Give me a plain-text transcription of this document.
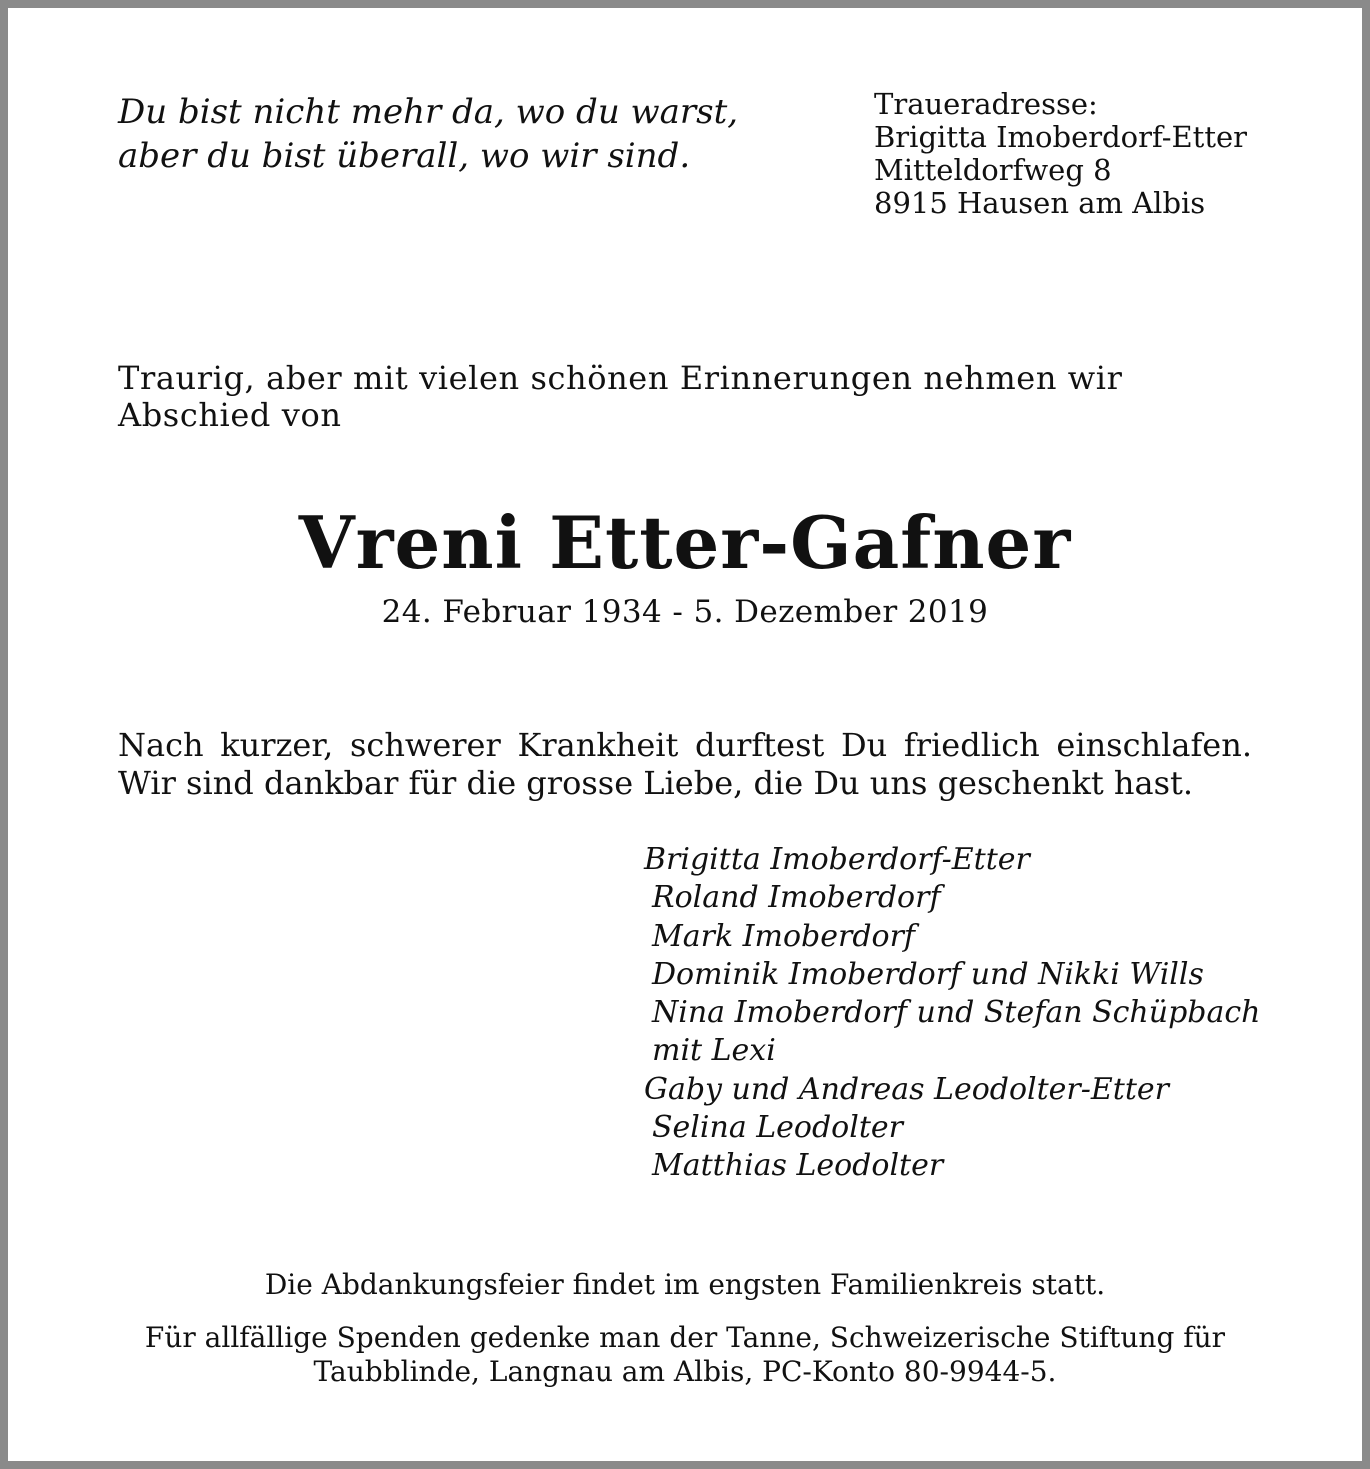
Du bist nicht mehr da, wo du warst,
aber du bist überall, wo wir sind.
Traueradresse:
Brigitta Imoberdorf-Etter
Mitteldorfweg 8
8915 Hausen am Albis
Traurig, aber mit vielen schönen Erinnerungen nehmen wir Abschied von
Vreni Etter-Gafner
24. Februar 1934 - 5. Dezember 2019
Nach kurzer, schwerer Krankheit durftest Du friedlich einschlafen.
Wir sind dankbar für die grosse Liebe, die Du uns geschenkt hast.
Brigitta Imoberdorf-Etter
Roland Imoberdorf
Mark Imoberdorf
Dominik Imoberdorf und Nikki Wills
Nina Imoberdorf und Stefan Schüpbach
mit Lexi
Gaby und Andreas Leodolter-Etter
Selina Leodolter
Matthias Leodolter
Die Abdankungsfeier findet im engsten Familienkreis statt.
Für allfällige Spenden gedenke man der Tanne, Schweizerische Stiftung für
Taubblinde, Langnau am Albis, PC-Konto 80-9944-5.
